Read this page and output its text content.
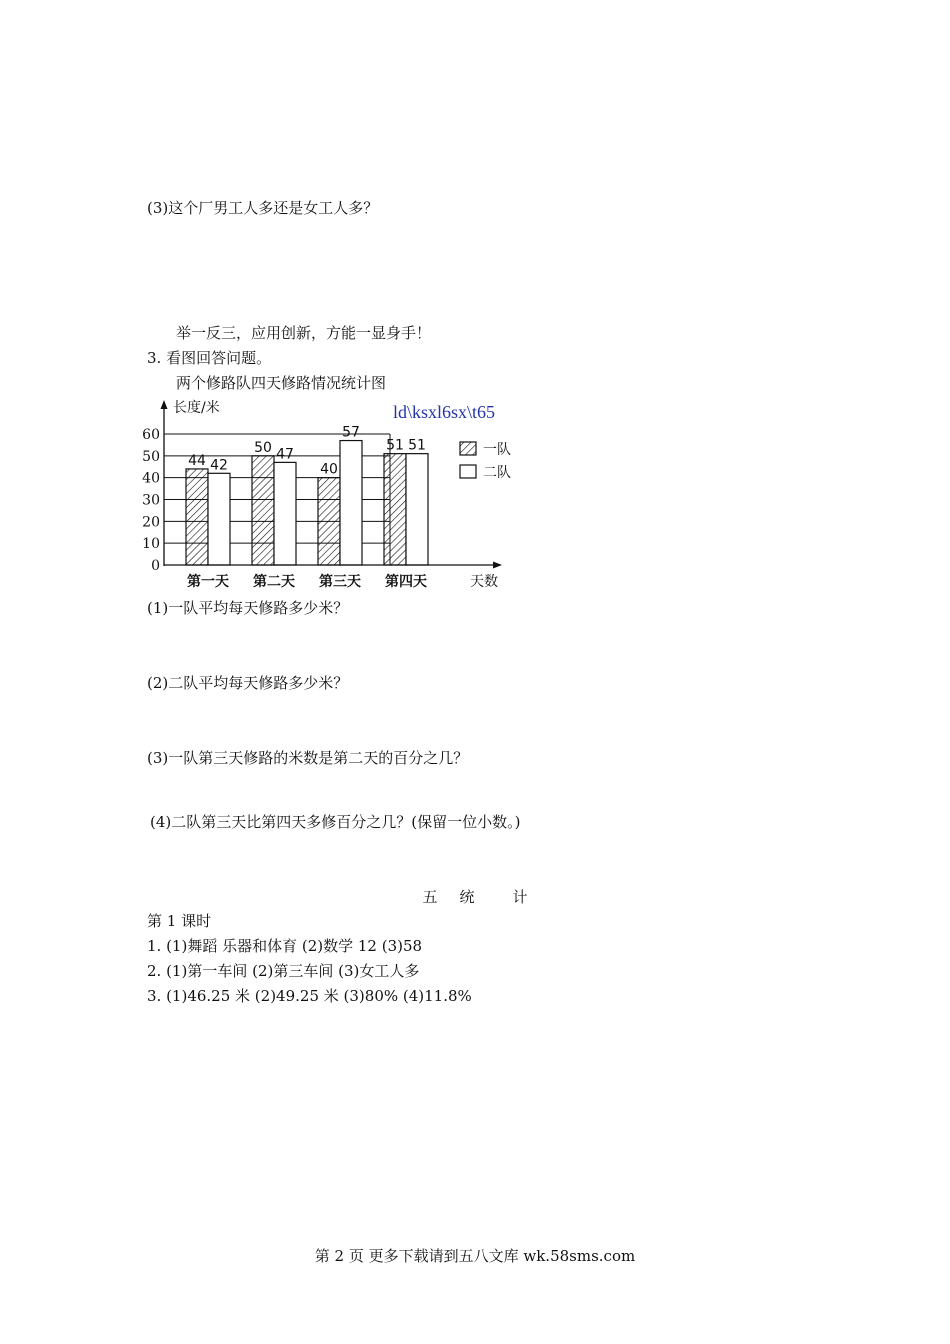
(3)这个厂男工人多还是女工人多？
举一反三，应用创新，方能一显身手！
3. 看图回答问题。
两个修路队四天修路情况统计图
0
10
20
30
40
50
60
44 42
第一天
50 47
第二天
40
57
第三天
51 51
第四天
长度/米
天数
ld\ksxl6sx\t65
一队
二队
(1)一队平均每天修路多少米？
(2)二队平均每天修路多少米？
(3)一队第三天修路的米数是第二天的百分之几？
(4)二队第三天比第四天多修百分之几？(保留一位小数。)
五 统	计
第 1 课时
1. (1)舞蹈 乐器和体育 (2)数学 12 (3)58
2. (1)第一车间 (2)第三车间 (3)女工人多
3. (1)46.25 米 (2)49.25 米 (3)80% (4)11.8%
第 2 页 更多下载请到五八文库 wk.58sms.com
